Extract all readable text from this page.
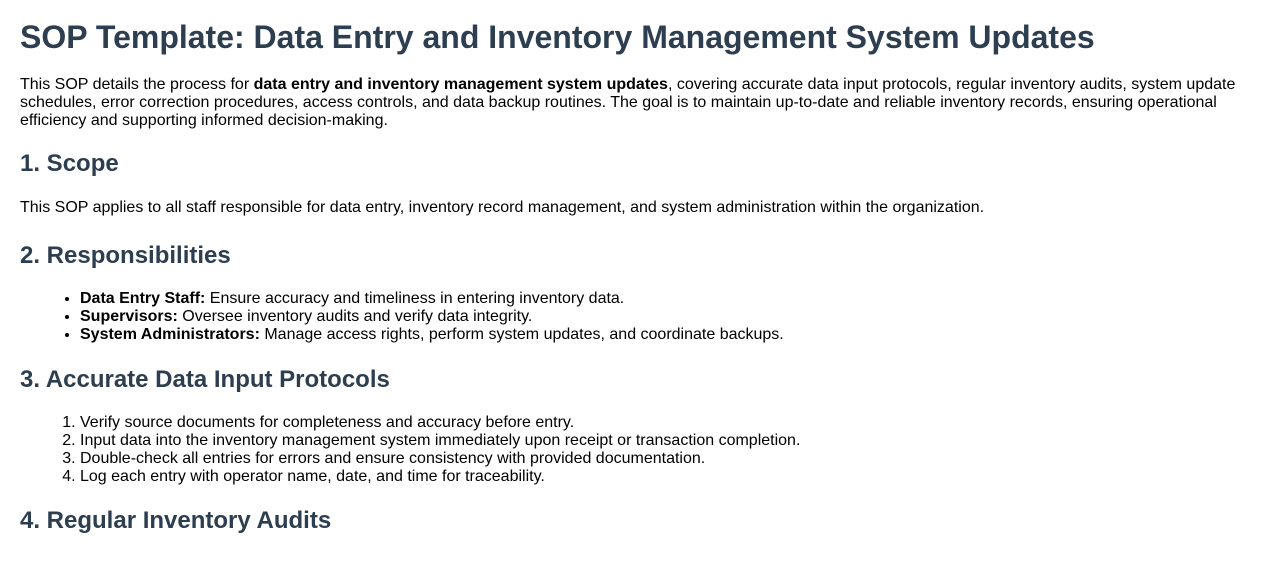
SOP Template: Data Entry and Inventory Management System Updates

This SOP details the process for data entry and inventory management system updates, covering accurate data input protocols, regular inventory audits, system update schedules, error correction procedures, access controls, and data backup routines. The goal is to maintain up-to-date and reliable inventory records, ensuring operational efficiency and supporting informed decision-making.

1. Scope

This SOP applies to all staff responsible for data entry, inventory record management, and system administration within the organization.

2. Responsibilities
• Data Entry Staff: Ensure accuracy and timeliness in entering inventory data.
• Supervisors: Oversee inventory audits and verify data integrity.
• System Administrators: Manage access rights, perform system updates, and coordinate backups.
3. Accurate Data Input Protocols
1. Verify source documents for completeness and accuracy before entry.
2. Input data into the inventory management system immediately upon receipt or transaction completion.
3. Double-check all entries for errors and ensure consistency with provided documentation.
4. Log each entry with operator name, date, and time for traceability.
4. Regular Inventory Audits
